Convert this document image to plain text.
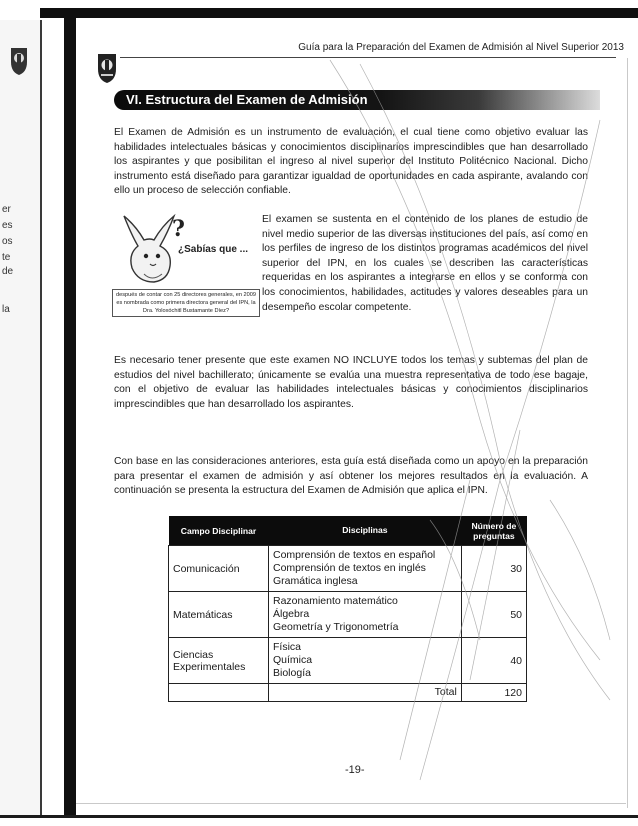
Guía para la Preparación del Examen de Admisión al Nivel Superior 2013
VI. Estructura del Examen de Admisión
El Examen de Admisión es un instrumento de evaluación, el cual tiene como objetivo evaluar las habilidades intelectuales básicas y conocimientos disciplinarios imprescindibles que han desarrollado los aspirantes y que posibilitan el ingreso al nivel superior del Instituto Politécnico Nacional. Dicho instrumento está diseñado para garantizar igualdad de oportunidades en cada aspirante, avalando con ello un proceso de selección confiable.
?
¿Sabías que ...
después de contar con 25 directores generales, en 2009 es nombrada como primera directora general del IPN, la Dra. Yoloxóchitl Bustamante Díez?
El examen se sustenta en el contenido de los planes de estudio de nivel medio superior de las diversas instituciones del país, así como en los perfiles de ingreso de los distintos programas académicos del nivel superior del IPN, en los cuales se describen las características requeridas en los aspirantes a integrarse en ellos y se conforma con los conocimientos, habilidades, actitudes y valores deseables para un desempeño escolar competente.
er
es
os
te
de
la
Es necesario tener presente que este examen NO INCLUYE todos los temas y subtemas del plan de estudios del nivel bachillerato; únicamente se evalúa una muestra representativa de todo ese bagaje, con el objetivo de evaluar las habilidades intelectuales básicas y conocimientos disciplinarios imprescindibles que han desarrollado los aspirantes.
Con base en las consideraciones anteriores, esta guía está diseñada como un apoyo en la preparación para presentar el examen de admisión y así obtener los mejores resultados en la evaluación. A continuación se presenta la estructura del Examen de Admisión que aplica el IPN.
Campo Disciplinar	Disciplinas	Número de preguntas
Comunicación	Comprensión de textos en español
Comprensión de textos en inglés
Gramática inglesa	30
Matemáticas	Razonamiento matemático
Álgebra
Geometría y Trigonometría	50
Ciencias Experimentales	Física
Química
Biología	40
	Total	120
-19-
